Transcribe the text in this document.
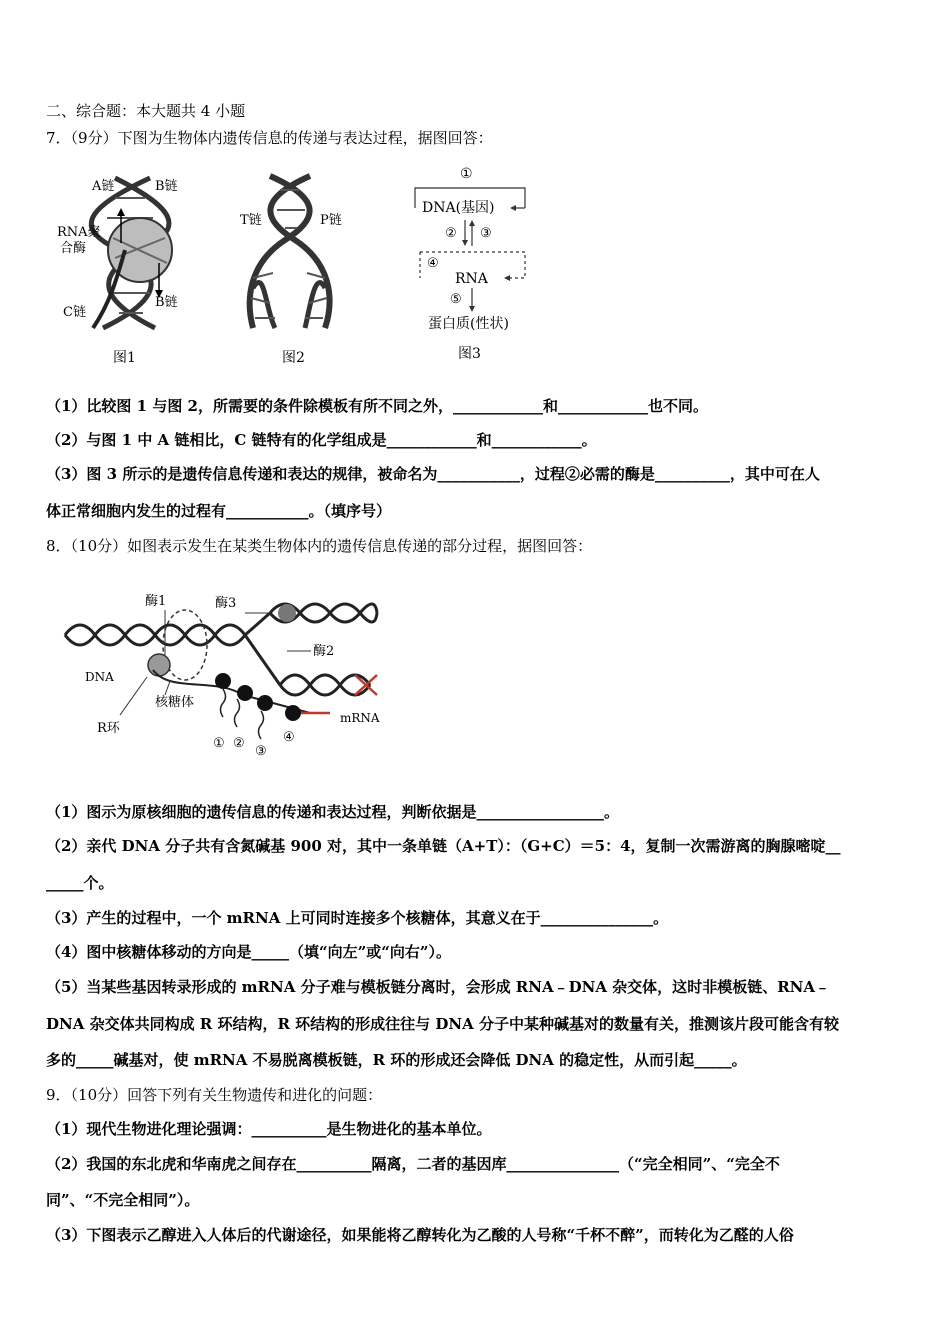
二、综合题：本大题共 4 小题
7．（9分）下图为生物体内遗传信息的传递与表达过程，据图回答：
A链	B链
RNA聚
合酶
B链
C链
图1
T链	P链
图2
①
DNA(基因)
② ③
④
RNA
⑤
蛋白质(性状)
图3
（1）比较图 1 与图 2，所需要的条件除模板有所不同之外，____________和____________也不同。
（2）与图 1 中 A 链相比，C 链特有的化学组成是____________和____________。
（3）图 3 所示的是遗传信息传递和表达的规律，被命名为___________，过程②必需的酶是__________，其中可在人
体正常细胞内发生的过程有___________。（填序号）
8．（10分）如图表示发生在某类生物体内的遗传信息传递的部分过程，据图回答：
酶1	酶3
酶2
DNA
核糖体
R环
mRNA
① ②
③
④
（1）图示为原核细胞的遗传信息的传递和表达过程，判断依据是_________________。
（2）亲代 DNA 分子共有含氮碱基 900 对，其中一条单链（A+T）：（G+C）＝5：4，复制一次需游离的胸腺嘧啶__
_____个。
（3）产生的过程中，一个 mRNA 上可同时连接多个核糖体，其意义在于_______________。
（4）图中核糖体移动的方向是_____（填“向左”或“向右”）。
（5）当某些基因转录形成的 mRNA 分子难与模板链分离时，会形成 RNA﹣DNA 杂交体，这时非模板链、RNA﹣
DNA 杂交体共同构成 R 环结构，R 环结构的形成往往与 DNA 分子中某种碱基对的数量有关，推测该片段可能含有较
多的_____碱基对，使 mRNA 不易脱离模板链，R 环的形成还会降低 DNA 的稳定性，从而引起_____。
9．（10分）回答下列有关生物遗传和进化的问题：
（1）现代生物进化理论强调：__________是生物进化的基本单位。
（2）我国的东北虎和华南虎之间存在__________隔离，二者的基因库_______________（“完全相同”、“完全不
同”、“不完全相同”）。
（3）下图表示乙醇进入人体后的代谢途径，如果能将乙醇转化为乙酸的人号称“千杯不醉”，而转化为乙醛的人俗
